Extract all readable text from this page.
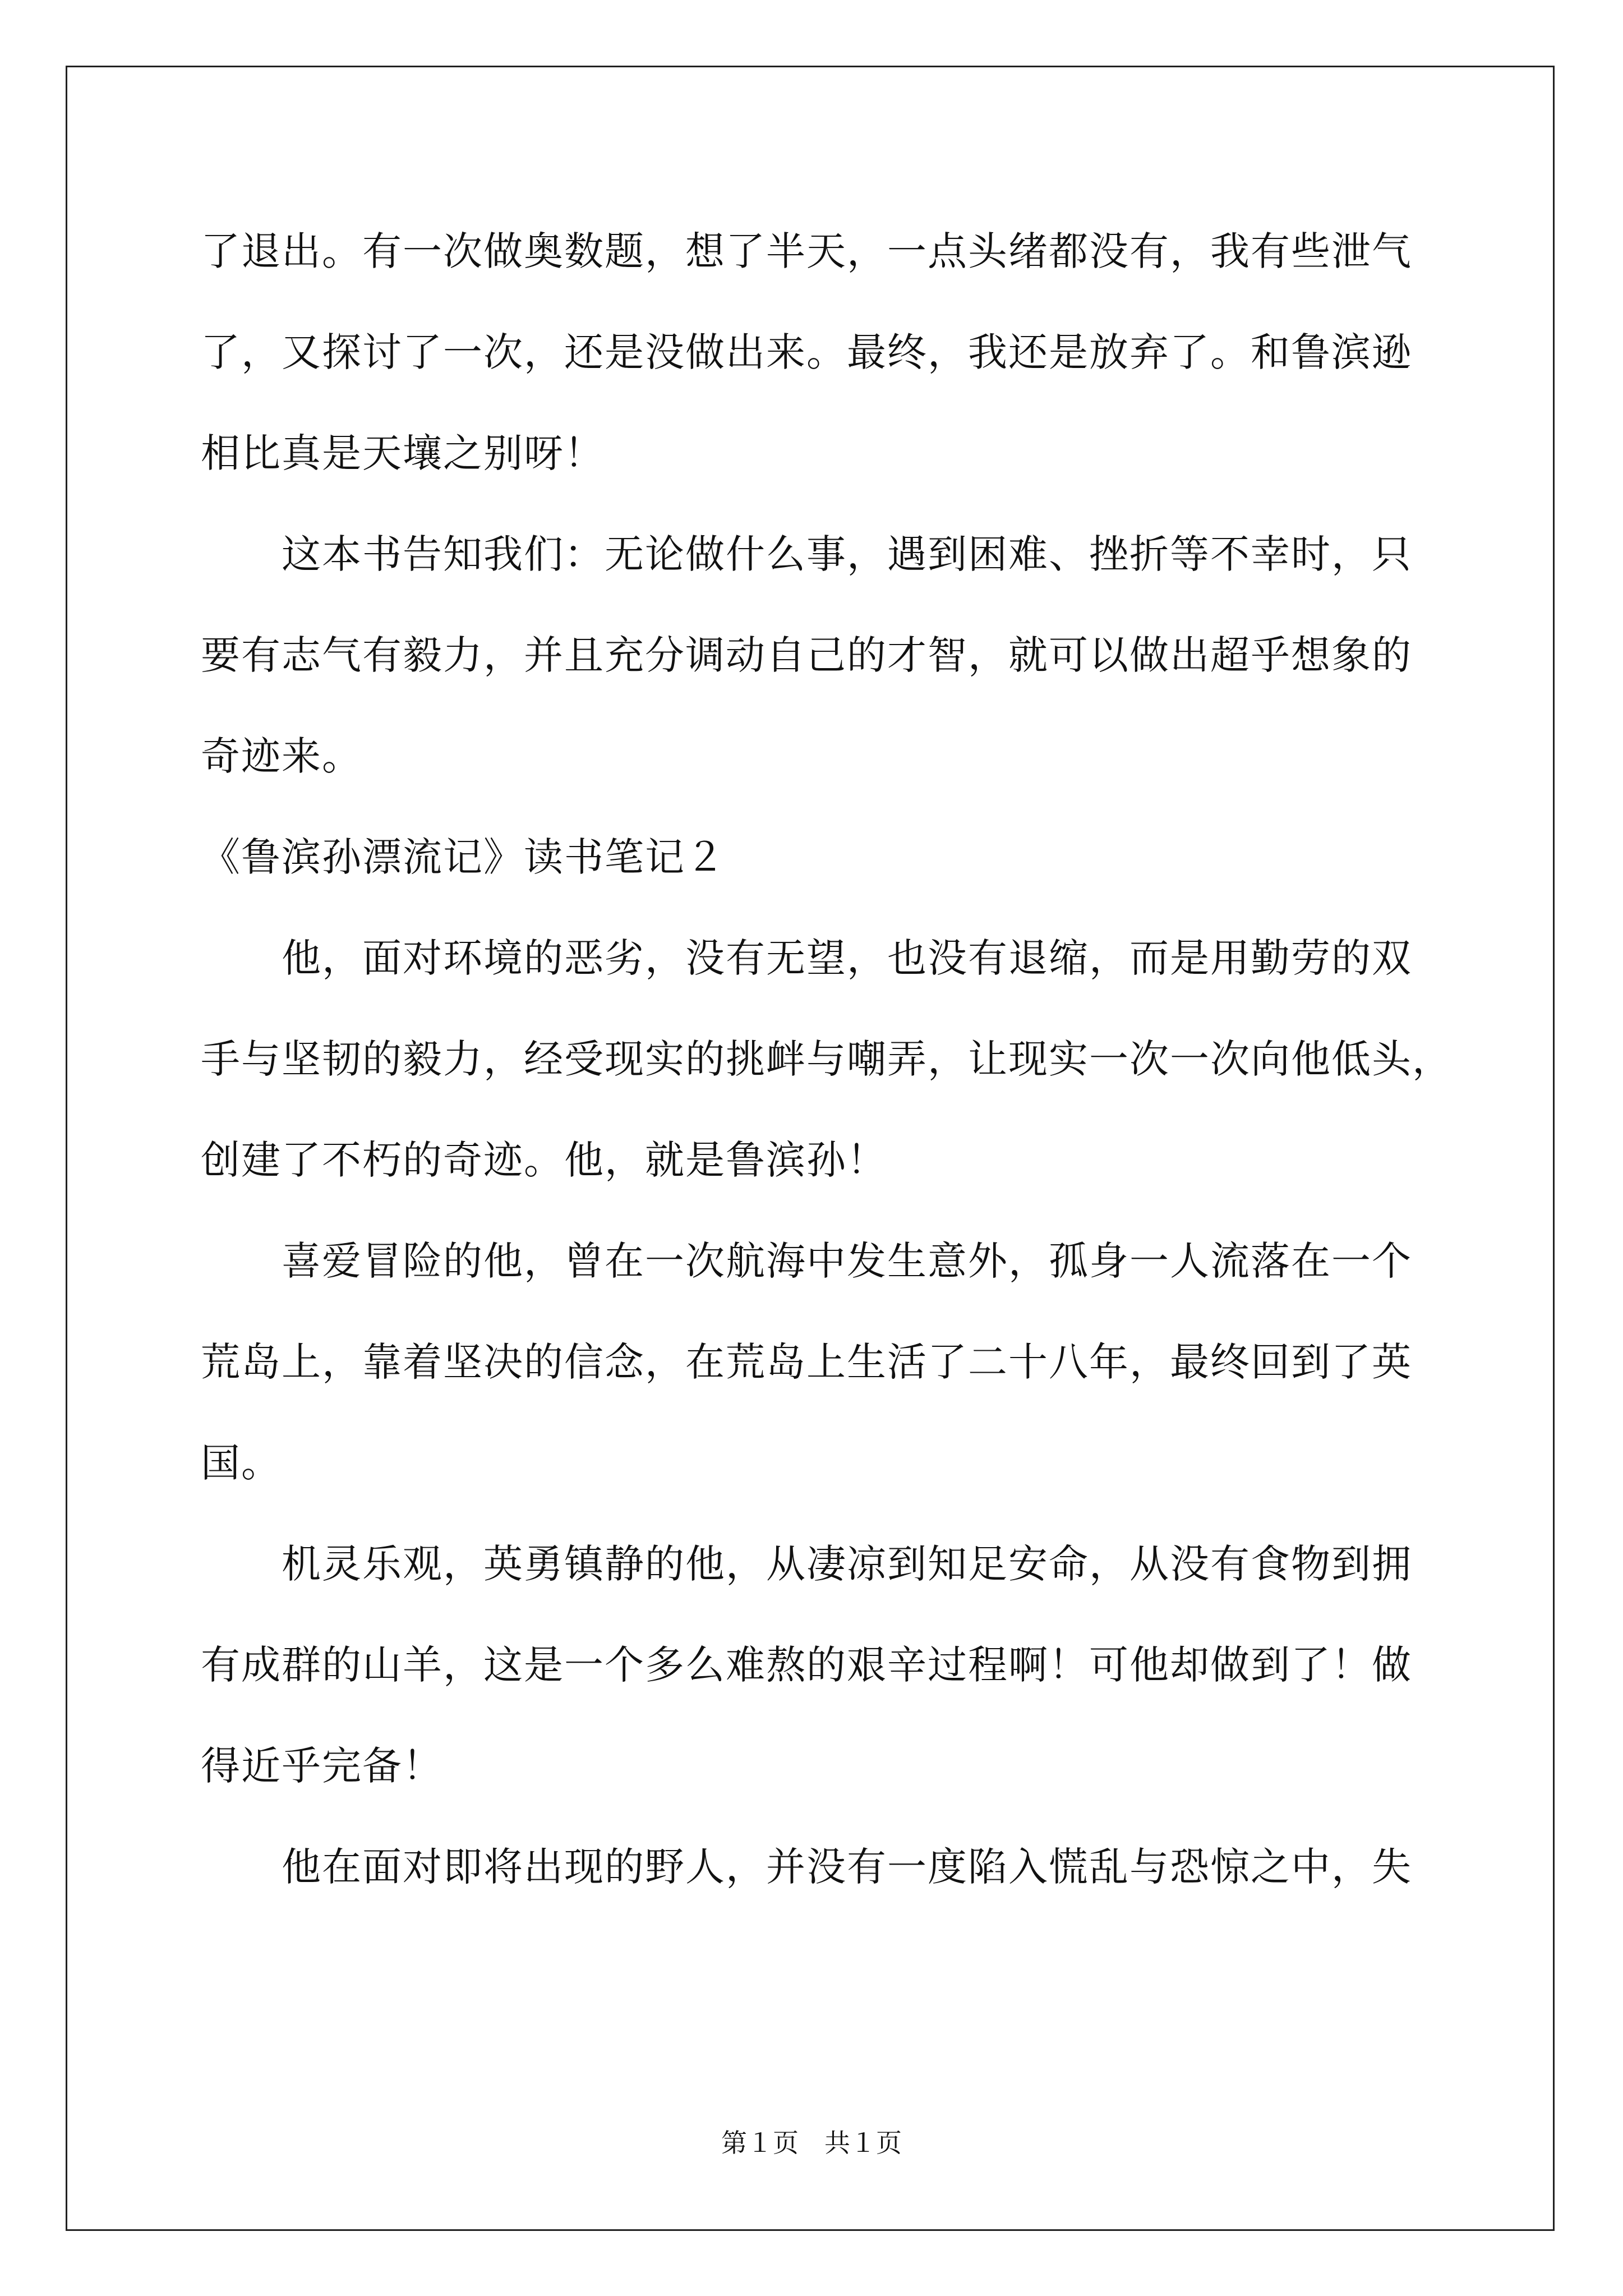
了退出。有一次做奥数题，想了半天，一点头绪都没有，我有些泄气
了，又探讨了一次，还是没做出来。最终，我还是放弃了。和鲁滨逊
相比真是天壤之别呀！
　　这本书告知我们：无论做什么事，遇到困难、挫折等不幸时，只
要有志气有毅力，并且充分调动自己的才智，就可以做出超乎想象的
奇迹来。
《鲁滨孙漂流记》读书笔记２
　　他，面对环境的恶劣，没有无望，也没有退缩，而是用勤劳的双
手与坚韧的毅力，经受现实的挑衅与嘲弄，让现实一次一次向他低头，
创建了不朽的奇迹。他，就是鲁滨孙！
　　喜爱冒险的他，曾在一次航海中发生意外，孤身一人流落在一个
荒岛上，靠着坚决的信念，在荒岛上生活了二十八年，最终回到了英
国。
　　机灵乐观，英勇镇静的他，从凄凉到知足安命，从没有食物到拥
有成群的山羊，这是一个多么难熬的艰辛过程啊！可他却做到了！做
得近乎完备！
　　他在面对即将出现的野人，并没有一度陷入慌乱与恐惊之中，失
第１页　共１页
